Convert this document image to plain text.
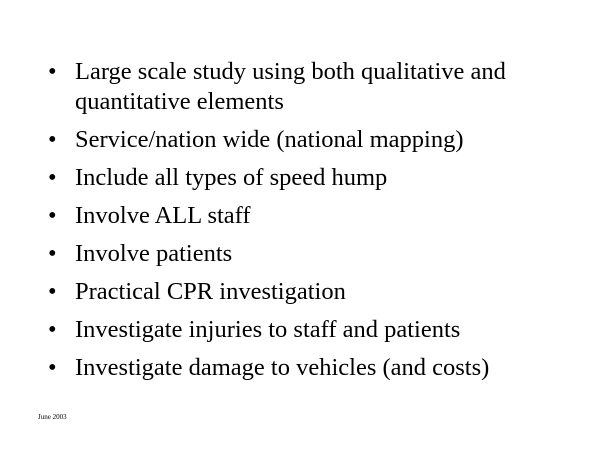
• Large scale study using both qualitative and quantitative elements
• Service/nation wide (national mapping)
• Include all types of speed hump
• Involve ALL staff
• Involve patients
• Practical CPR investigation
• Investigate injuries to staff and patients
• Investigate damage to vehicles (and costs)
June 2003
